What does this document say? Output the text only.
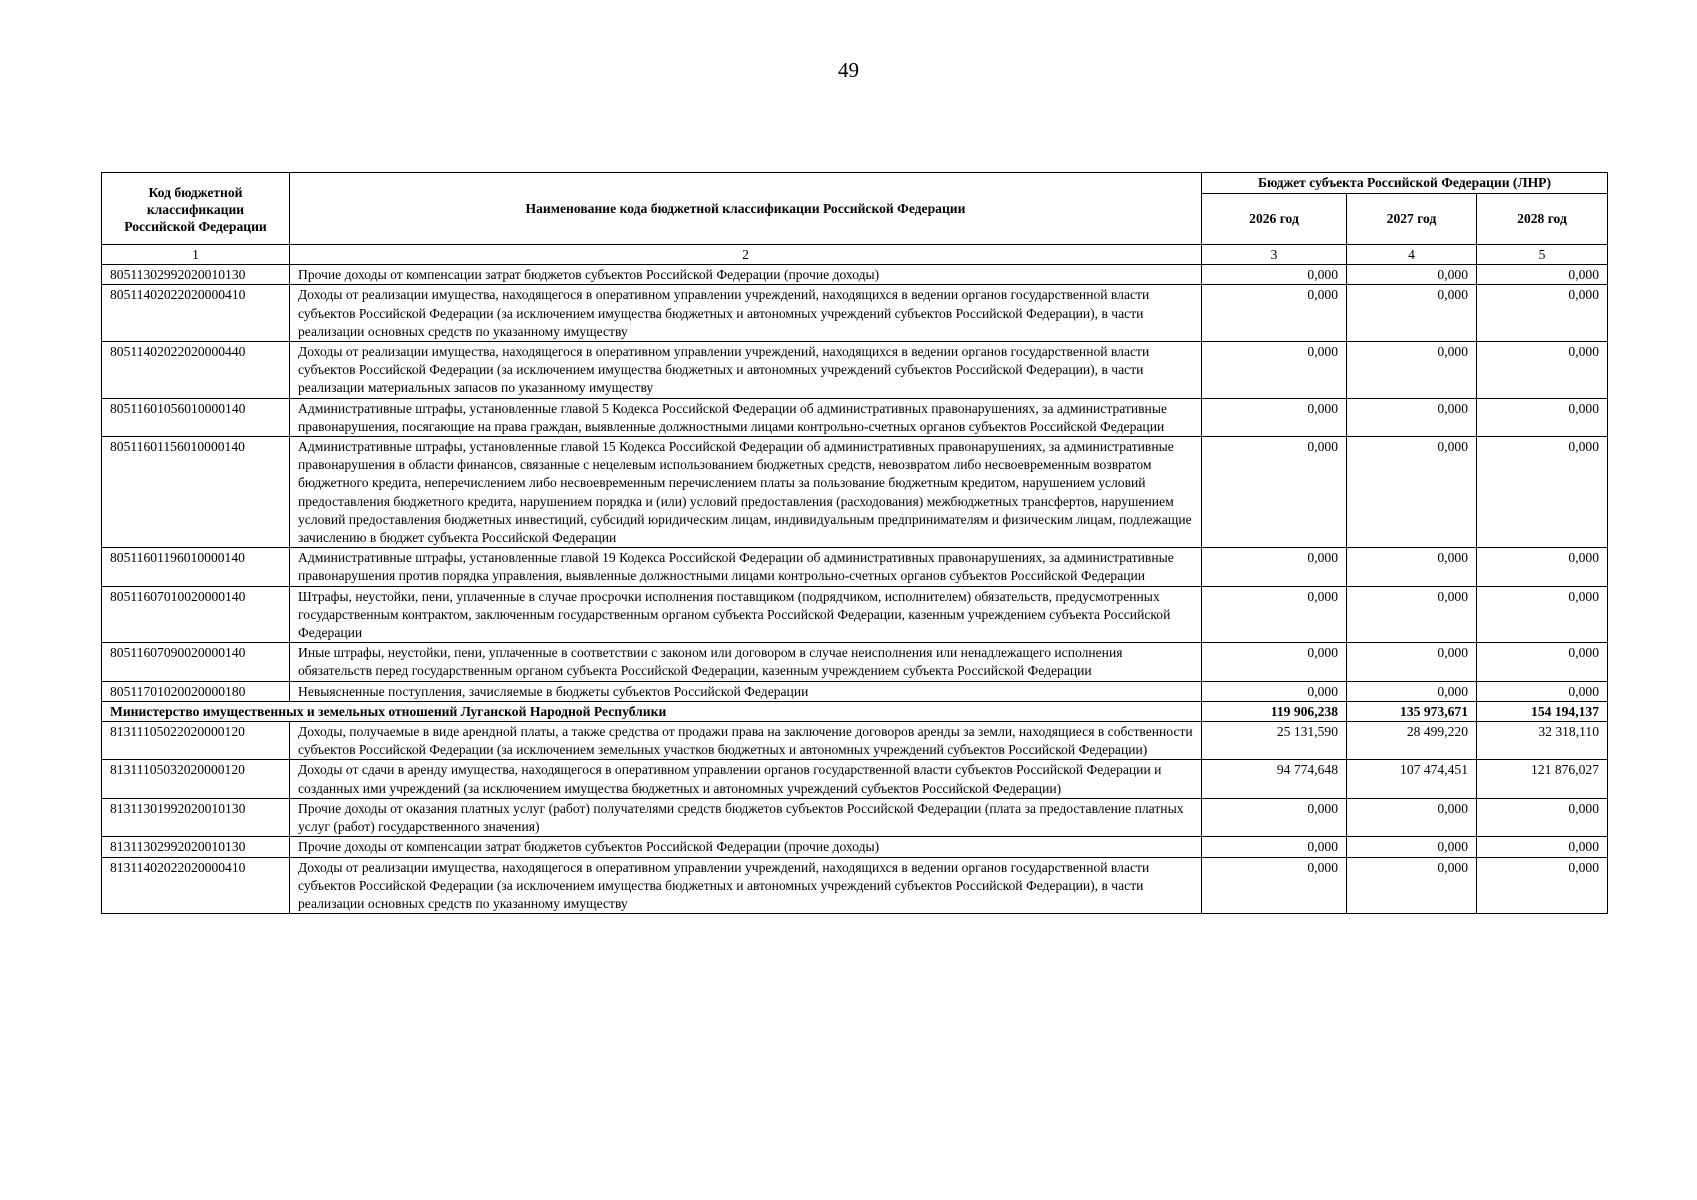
49
Код бюджетной классификации Российской Федерации	Наименование кода бюджетной классификации Российской Федерации	Бюджет субъекта Российской Федерации (ЛНР)		
		2026 год	2027 год	2028 год
1	2	3	4	5
80511302992020010130	Прочие доходы от компенсации затрат бюджетов субъектов Российской Федерации (прочие доходы)	0,000	0,000	0,000
80511402022020000410	Доходы от реализации имущества, находящегося в оперативном управлении учреждений, находящихся в ведении органов государственной власти субъектов Российской Федерации (за исключением имущества бюджетных и автономных учреждений субъектов Российской Федерации), в части реализации основных средств по указанному имуществу	0,000	0,000	0,000
80511402022020000440	Доходы от реализации имущества, находящегося в оперативном управлении учреждений, находящихся в ведении органов государственной власти субъектов Российской Федерации (за исключением имущества бюджетных и автономных учреждений субъектов Российской Федерации), в части реализации материальных запасов по указанному имуществу	0,000	0,000	0,000
80511601056010000140	Административные штрафы, установленные главой 5 Кодекса Российской Федерации об административных правонарушениях, за административные правонарушения, посягающие на права граждан, выявленные должностными лицами контрольно-счетных органов субъектов Российской Федерации	0,000	0,000	0,000
80511601156010000140	Административные штрафы, установленные главой 15 Кодекса Российской Федерации об административных правонарушениях, за административные правонарушения в области финансов, связанные с нецелевым использованием бюджетных средств, невозвратом либо несвоевременным возвратом бюджетного кредита, неперечислением либо несвоевременным перечислением платы за пользование бюджетным кредитом, нарушением условий предоставления бюджетного кредита, нарушением порядка и (или) условий предоставления (расходования) межбюджетных трансфертов, нарушением условий предоставления бюджетных инвестиций, субсидий юридическим лицам, индивидуальным предпринимателям и физическим лицам, подлежащие зачислению в бюджет субъекта Российской Федерации	0,000	0,000	0,000
80511601196010000140	Административные штрафы, установленные главой 19 Кодекса Российской Федерации об административных правонарушениях, за административные правонарушения против порядка управления, выявленные должностными лицами контрольно-счетных органов субъектов Российской Федерации	0,000	0,000	0,000
80511607010020000140	Штрафы, неустойки, пени, уплаченные в случае просрочки исполнения поставщиком (подрядчиком, исполнителем) обязательств, предусмотренных государственным контрактом, заключенным государственным органом субъекта Российской Федерации, казенным учреждением субъекта Российской Федерации	0,000	0,000	0,000
80511607090020000140	Иные штрафы, неустойки, пени, уплаченные в соответствии с законом или договором в случае неисполнения или ненадлежащего исполнения обязательств перед государственным органом субъекта Российской Федерации, казенным учреждением субъекта Российской Федерации	0,000	0,000	0,000
80511701020020000180	Невыясненные поступления, зачисляемые в бюджеты субъектов Российской Федерации	0,000	0,000	0,000
Министерство имущественных и земельных отношений Луганской Народной Республики		119 906,238	135 973,671	154 194,137
81311105022020000120	Доходы, получаемые в виде арендной платы, а также средства от продажи права на заключение договоров аренды за земли, находящиеся в собственности субъектов Российской Федерации (за исключением земельных участков бюджетных и автономных учреждений субъектов Российской Федерации)	25 131,590	28 499,220	32 318,110
81311105032020000120	Доходы от сдачи в аренду имущества, находящегося в оперативном управлении органов государственной власти субъектов Российской Федерации и созданных ими учреждений (за исключением имущества бюджетных и автономных учреждений субъектов Российской Федерации)	94 774,648	107 474,451	121 876,027
81311301992020010130	Прочие доходы от оказания платных услуг (работ) получателями средств бюджетов субъектов Российской Федерации (плата за предоставление платных услуг (работ) государственного значения)	0,000	0,000	0,000
81311302992020010130	Прочие доходы от компенсации затрат бюджетов субъектов Российской Федерации (прочие доходы)	0,000	0,000	0,000
81311402022020000410	Доходы от реализации имущества, находящегося в оперативном управлении учреждений, находящихся в ведении органов государственной власти субъектов Российской Федерации (за исключением имущества бюджетных и автономных учреждений субъектов Российской Федерации), в части реализации основных средств по указанному имуществу	0,000	0,000	0,000
